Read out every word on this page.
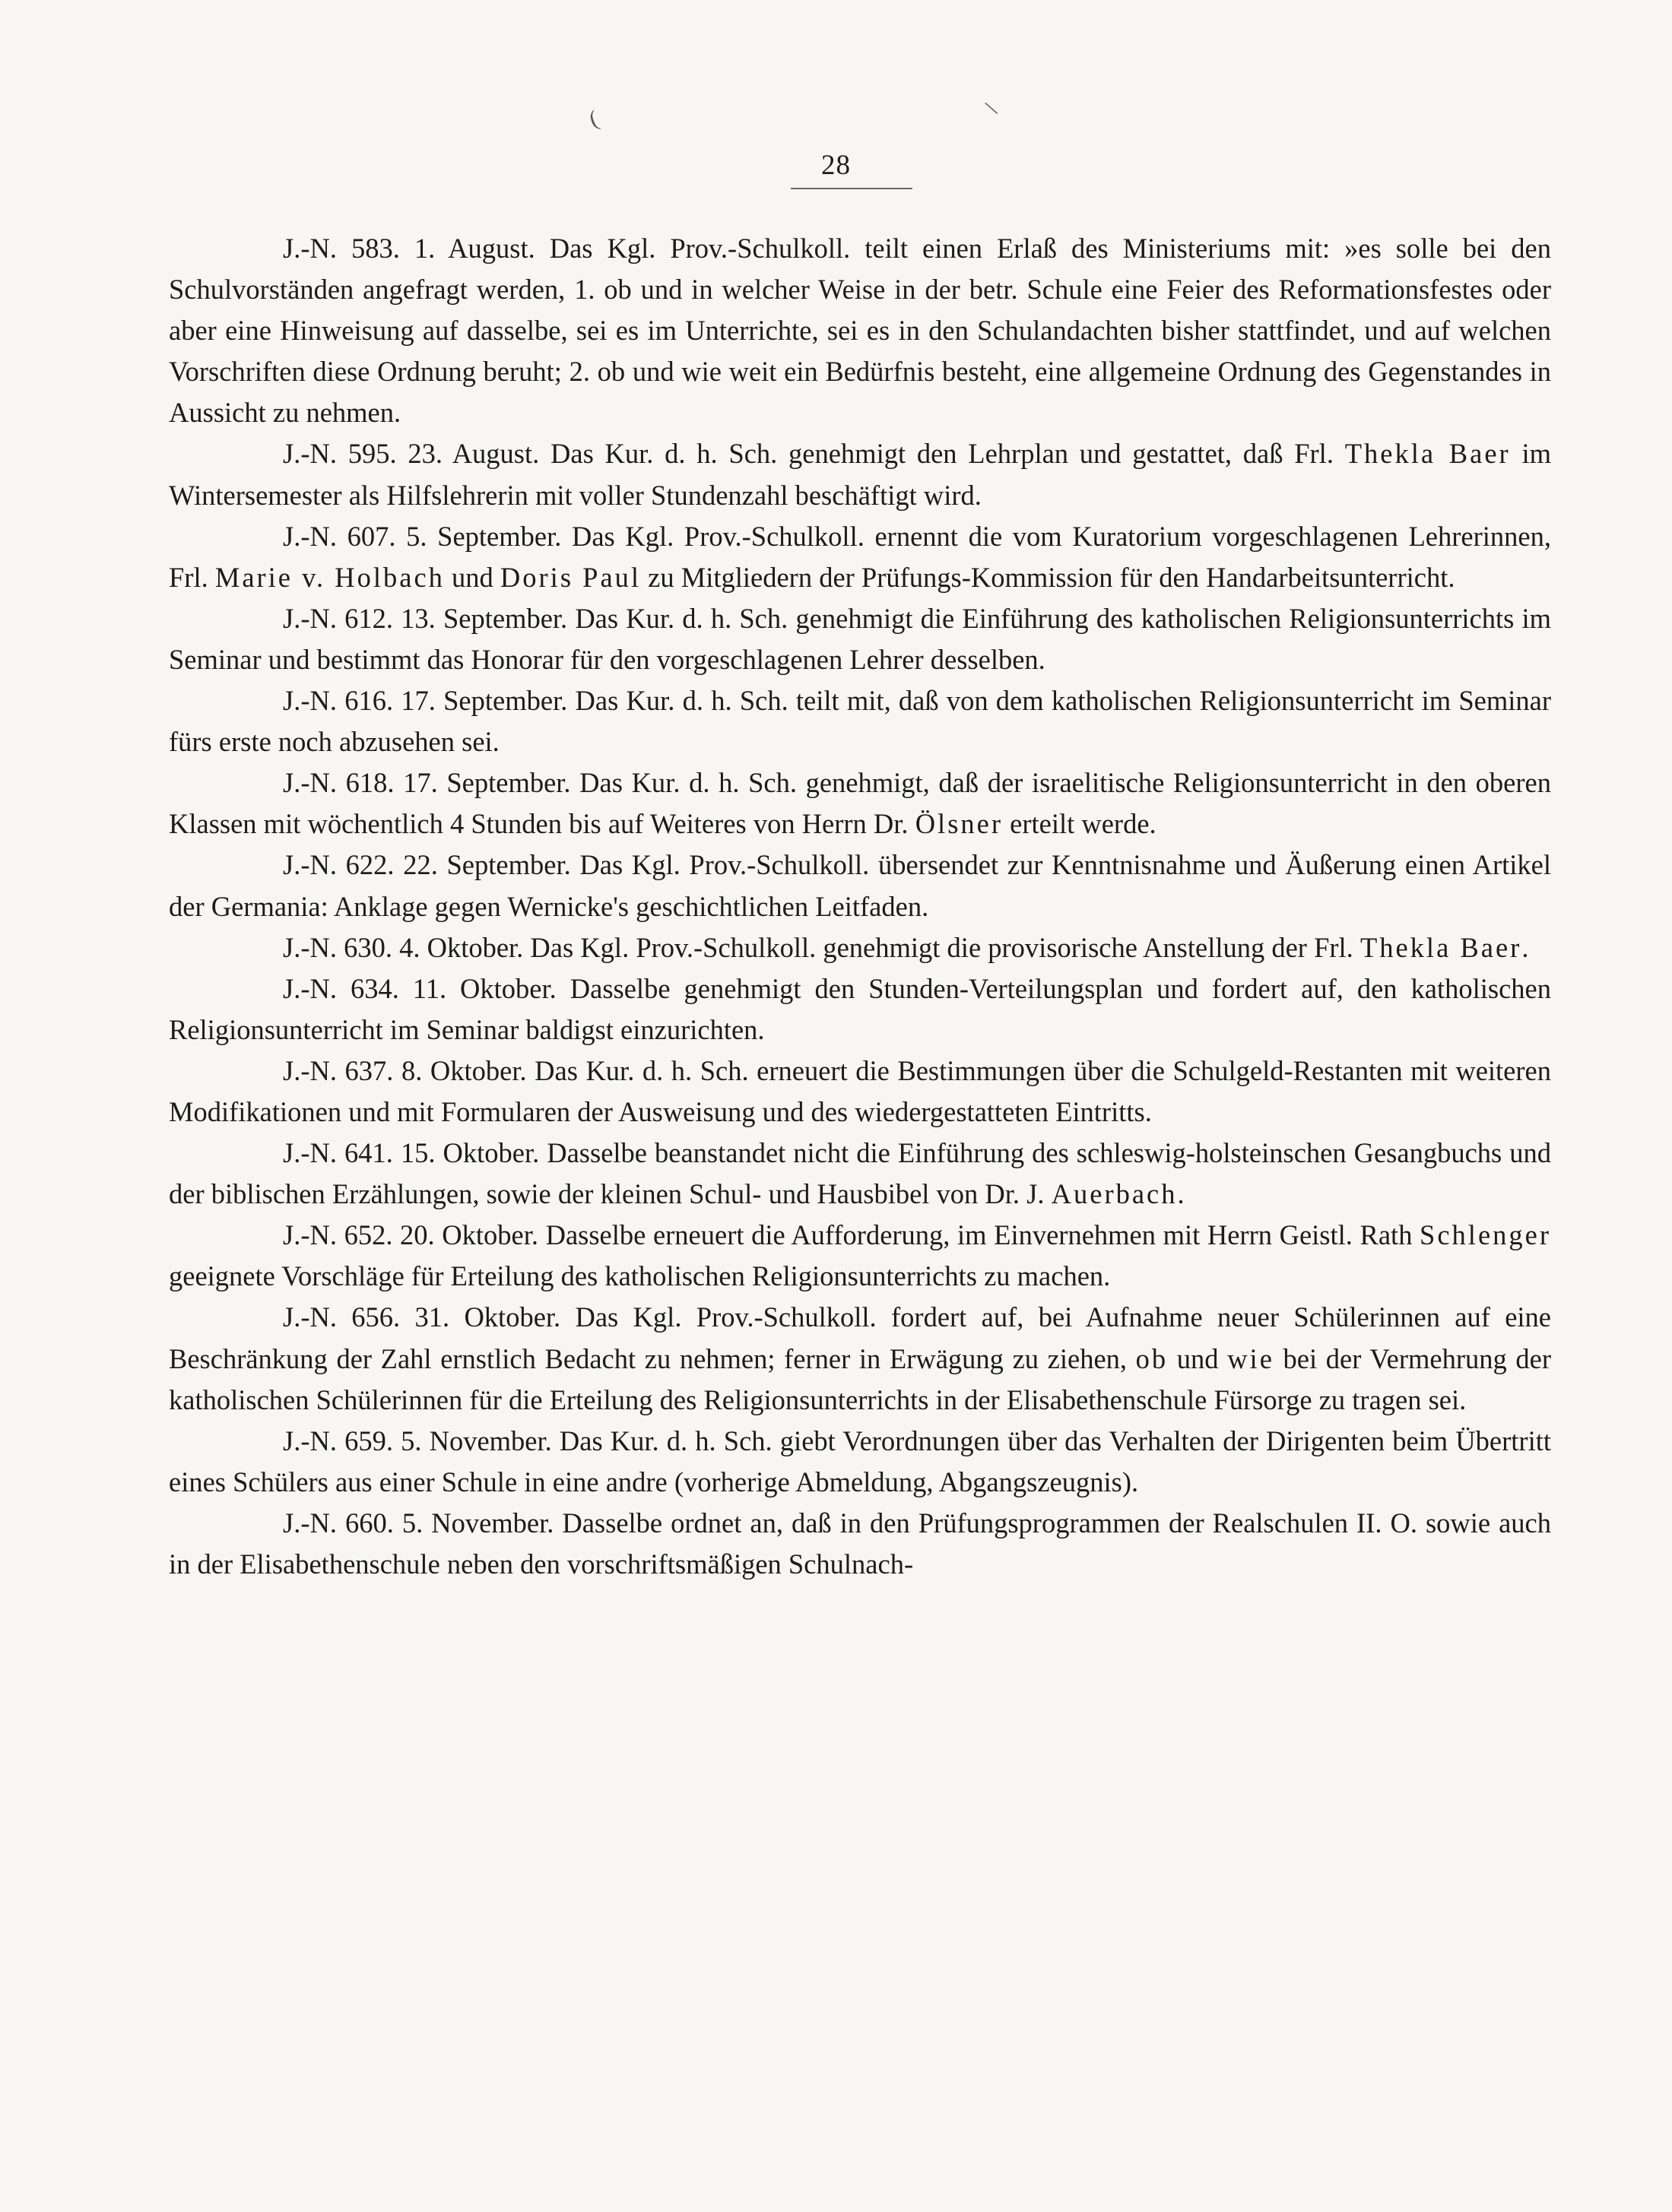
28
(	\

J.-N. 583. 1. August. Das Kgl. Prov.-Schulkoll. teilt einen Erlaß des Ministeriums mit: »es solle bei den Schulvorständen angefragt werden, 1. ob und in welcher Weise in der betr. Schule eine Feier des Reformationsfestes oder aber eine Hinweisung auf dasselbe, sei es im Unterrichte, sei es in den Schulandachten bisher stattfindet, und auf welchen Vorschriften diese Ordnung beruht; 2. ob und wie weit ein Bedürfnis besteht, eine allgemeine Ordnung des Gegenstandes in Aussicht zu nehmen.

J.-N. 595. 23. August. Das Kur. d. h. Sch. genehmigt den Lehrplan und gestattet, daß Frl. Thekla Baer im Wintersemester als Hilfslehrerin mit voller Stundenzahl beschäftigt wird.

J.-N. 607. 5. September. Das Kgl. Prov.-Schulkoll. ernennt die vom Kuratorium vorgeschlagenen Lehrerinnen, Frl. Marie v. Holbach und Doris Paul zu Mitgliedern der Prüfungs-Kommission für den Handarbeitsunterricht.

J.-N. 612. 13. September. Das Kur. d. h. Sch. genehmigt die Einführung des katholischen Religionsunterrichts im Seminar und bestimmt das Honorar für den vorgeschlagenen Lehrer desselben.

J.-N. 616. 17. September. Das Kur. d. h. Sch. teilt mit, daß von dem katholischen Religionsunterricht im Seminar fürs erste noch abzusehen sei.

J.-N. 618. 17. September. Das Kur. d. h. Sch. genehmigt, daß der israelitische Religionsunterricht in den oberen Klassen mit wöchentlich 4 Stunden bis auf Weiteres von Herrn Dr. Ölsner erteilt werde.

J.-N. 622. 22. September. Das Kgl. Prov.-Schulkoll. übersendet zur Kenntnisnahme und Äußerung einen Artikel der Germania: Anklage gegen Wernicke's geschichtlichen Leitfaden.

J.-N. 630. 4. Oktober. Das Kgl. Prov.-Schulkoll. genehmigt die provisorische Anstellung der Frl. Thekla Baer.

J.-N. 634. 11. Oktober. Dasselbe genehmigt den Stunden-Verteilungsplan und fordert auf, den katholischen Religionsunterricht im Seminar baldigst einzurichten.

J.-N. 637. 8. Oktober. Das Kur. d. h. Sch. erneuert die Bestimmungen über die Schulgeld-Restanten mit weiteren Modifikationen und mit Formularen der Ausweisung und des wiedergestatteten Eintritts.

J.-N. 641. 15. Oktober. Dasselbe beanstandet nicht die Einführung des schleswig-holsteinschen Gesangbuchs und der biblischen Erzählungen, sowie der kleinen Schul- und Hausbibel von Dr. J. Auerbach.

J.-N. 652. 20. Oktober. Dasselbe erneuert die Aufforderung, im Einvernehmen mit Herrn Geistl. Rath Schlenger geeignete Vorschläge für Erteilung des katholischen Religionsunterrichts zu machen.

J.-N. 656. 31. Oktober. Das Kgl. Prov.-Schulkoll. fordert auf, bei Aufnahme neuer Schülerinnen auf eine Beschränkung der Zahl ernstlich Bedacht zu nehmen; ferner in Erwägung zu ziehen, ob und wie bei der Vermehrung der katholischen Schülerinnen für die Erteilung des Religionsunterrichts in der Elisabethenschule Fürsorge zu tragen sei.

J.-N. 659. 5. November. Das Kur. d. h. Sch. giebt Verordnungen über das Verhalten der Dirigenten beim Übertritt eines Schülers aus einer Schule in eine andre (vorherige Abmeldung, Abgangszeugnis).

J.-N. 660. 5. November. Dasselbe ordnet an, daß in den Prüfungsprogrammen der Realschulen II. O. sowie auch in der Elisabethenschule neben den vorschriftsmäßigen Schulnach-
